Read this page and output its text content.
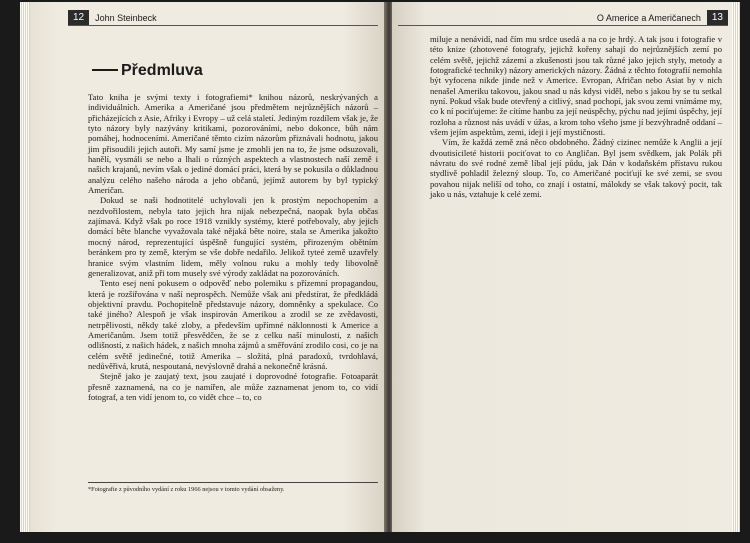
12	John Steinbeck
Předmluva

Tato kniha je svými texty i fotografiemi* knihou názorů, neskrývaných a individuálních. Amerika a Američané jsou předmětem nejrůznějších názorů – přicházejících z Asie, Afriky i Evropy – už celá staletí. Jediným rozdílem však je, že tyto názory byly nazývány kritikami, pozorováními, nebo dokonce, bůh nám pomáhej, hodnoceními. Američané těmto cizím názorům přiznávali hodnotu, jakou jim přisoudili jejich autoři. My samí jsme je zmohli jen na to, že jsme odsuzovali, hanělí, vysmáli se nebo a lhali o různých aspektech a vlastnostech naší země i našich krajanů, nevím však o jediné domácí práci, která by se pokusila o důkladnou analýzu celého našeho národa a jeho občanů, jejímž autorem by byl typický Američan.

Dokud se naši hodnotitelé uchylovali jen k prostým nepochopením a nezdvořilostem, nebyla tato jejich hra nijak nebezpečná, naopak byla občas zajímavá. Když však po roce 1918 vznikly systémy, které potřebovaly, aby jejich domácí bête blanche vyvažovala také nějaká bête noire, stala se Amerika jakožto mocný národ, reprezentující úspěšně fungující systém, přirozeným obětním beránkem pro ty země, kterým se vše dobře nedařilo. Jelikož tyteé země uzavřely hranice svým vlastním lidem, měly volnou ruku a mohly tedy libovolně generalizovat, aniž při tom musely své výrody zakládat na pozorováních.

Tento esej není pokusem o odpověď nebo polemiku s přízemní propagandou, která je rozšiřována v naší neprospěch. Nemůže však ani předstírat, že předkládá objektivní pravdu. Pochopitelně představuje názory, domněnky a spekulace. Co také jiného? Alespoň je však inspirován Amerikou a zrodil se ze zvědavosti, netrpělivosti, někdy také zloby, a především upřímné náklonnosti k Americe a Američanům. Jsem totiž přesvědčen, že se z celku naší minulosti, z našich odlišností, z našich hádek, z našich mnoha zájmů a směřování zrodilo cosi, co je na celém světě jedinečné, totiž Amerika – složitá, plná paradoxů, tvrdohlavá, nedůvěřivá, krutá, nespoutaná, nevýslovně drahá a nekonečně krásná.

Stejně jako je zaujatý text, jsou zaujaté i doprovodné fotografie. Fotoaparát přesně zaznamená, na co je namířen, ale může zaznamenat jenom to, co vidí fotograf, a ten vidí jenom to, co vidět chce – to, co

*Fotografie z původního vydání z roku 1966 nejsou v tomto vydání obsaženy.
O Americe a Američanech	13

miluje a nenávidí, nad čím mu srdce usedá a na co je hrdý. A tak jsou i fotografie v této knize (zhotovené fotografy, jejichž kořeny sahají do nejrůznějších zemí po celém světě, jejichž zázemí a zkušenosti jsou tak různé jako jejich styly, metody a fotografické techniky) názory amerických názory. Žádná z těchto fotografií nemohla být vyfocena nikde jinde než v Americe. Evropan, Afričan nebo Asiat by v nich nenašel Ameriku takovou, jakou snad u nás kdysi viděl, nebo s jakou by se tu setkal nyní. Pokud však bude otevřený a citlivý, snad pochopí, jak svou zemi vnímáme my, co k ní pociťujeme: že cítíme hanbu za její neúspěchy, pýchu nad jejími úspěchy, její rozloha a různost nás uvádí v úžas, a krom toho všeho jsme jí bezvýhradně oddaní – všem jejím aspektům, zemi, ideji i její mystičnosti.

Vím, že každá země zná něco obdobného. Žádný cizinec nemůže k Anglii a její dvoutisícileté historii pociťovat to co Angličan. Byl jsem svědkem, jak Polák při návratu do své rodné země líbal její půdu, jak Dán v kodaňském přístavu rukou stydlivě pohladil železný sloup. To, co Američané pociťují ke své zemi, se svou povahou nijak neliší od toho, co znají i ostatní, málokdy se však takový pocit, tak jako u nás, vztahuje k celé zemi.
